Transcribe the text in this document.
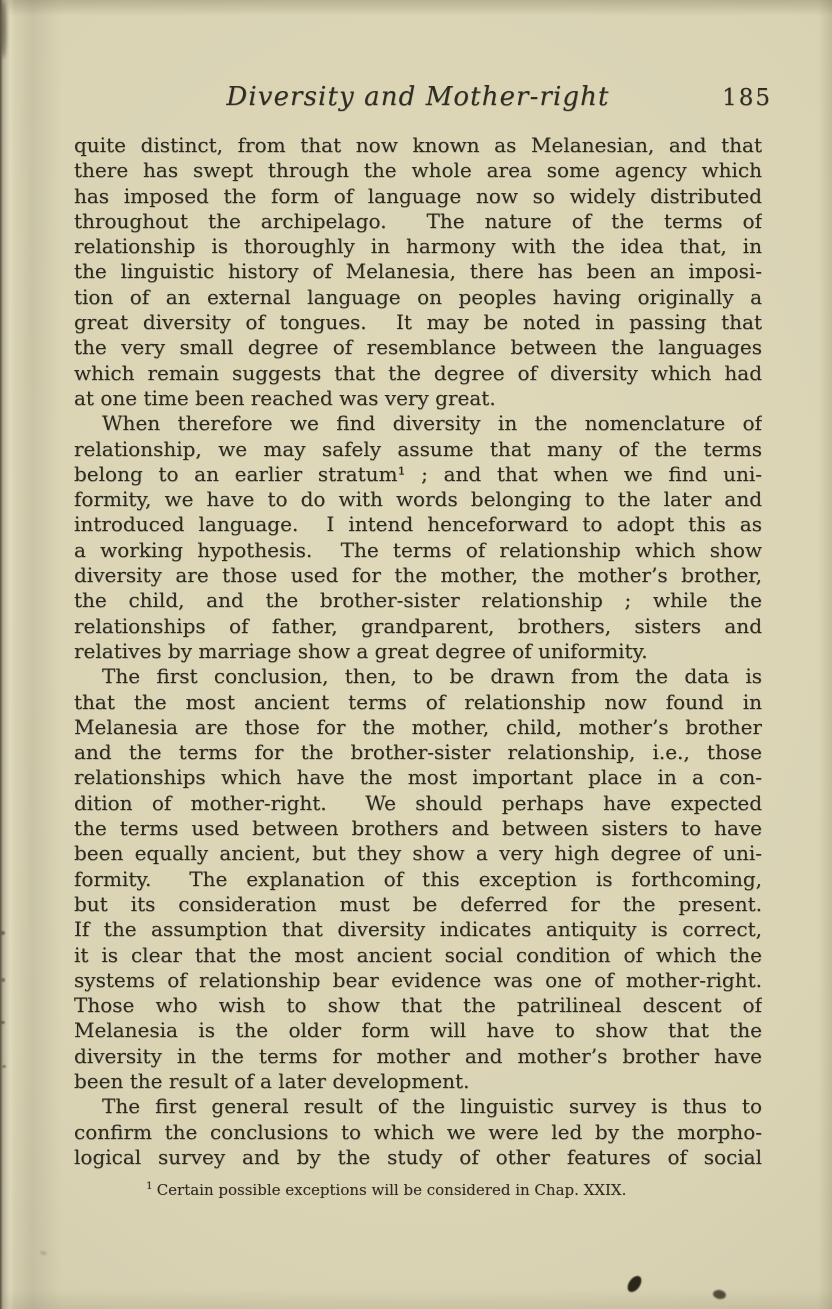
Diversity and Mother-right	185
quite distinct, from that now known as Melanesian, and that
there has swept through the whole area some agency which
has imposed the form of language now so widely distributed
throughout the archipelago.  The nature of the terms of
relationship is thoroughly in harmony with the idea that, in
the linguistic history of Melanesia, there has been an imposi-
tion of an external language on peoples having originally a
great diversity of tongues.  It may be noted in passing that
the very small degree of resemblance between the languages
which remain suggests that the degree of diversity which had
at one time been reached was very great.
When therefore we find diversity in the nomenclature of
relationship, we may safely assume that many of the terms
belong to an earlier stratum¹ ; and that when we find uni-
formity, we have to do with words belonging to the later and
introduced language.  I intend henceforward to adopt this as
a working hypothesis.  The terms of relationship which show
diversity are those used for the mother, the mother’s brother,
the child, and the brother-sister relationship ; while the
relationships of father, grandparent, brothers, sisters and
relatives by marriage show a great degree of uniformity.
The first conclusion, then, to be drawn from the data is
that the most ancient terms of relationship now found in
Melanesia are those for the mother, child, mother’s brother
and the terms for the brother-sister relationship, i.e., those
relationships which have the most important place in a con-
dition of mother-right.  We should perhaps have expected
the terms used between brothers and between sisters to have
been equally ancient, but they show a very high degree of uni-
formity.  The explanation of this exception is forthcoming,
but its consideration must be deferred for the present.
If the assumption that diversity indicates antiquity is correct,
it is clear that the most ancient social condition of which the
systems of relationship bear evidence was one of mother-right.
Those who wish to show that the patrilineal descent of
Melanesia is the older form will have to show that the
diversity in the terms for mother and mother’s brother have
been the result of a later development.
The first general result of the linguistic survey is thus to
confirm the conclusions to which we were led by the morpho-
logical survey and by the study of other features of social
$^1$ Certain possible exceptions will be considered in Chap. XXIX.
